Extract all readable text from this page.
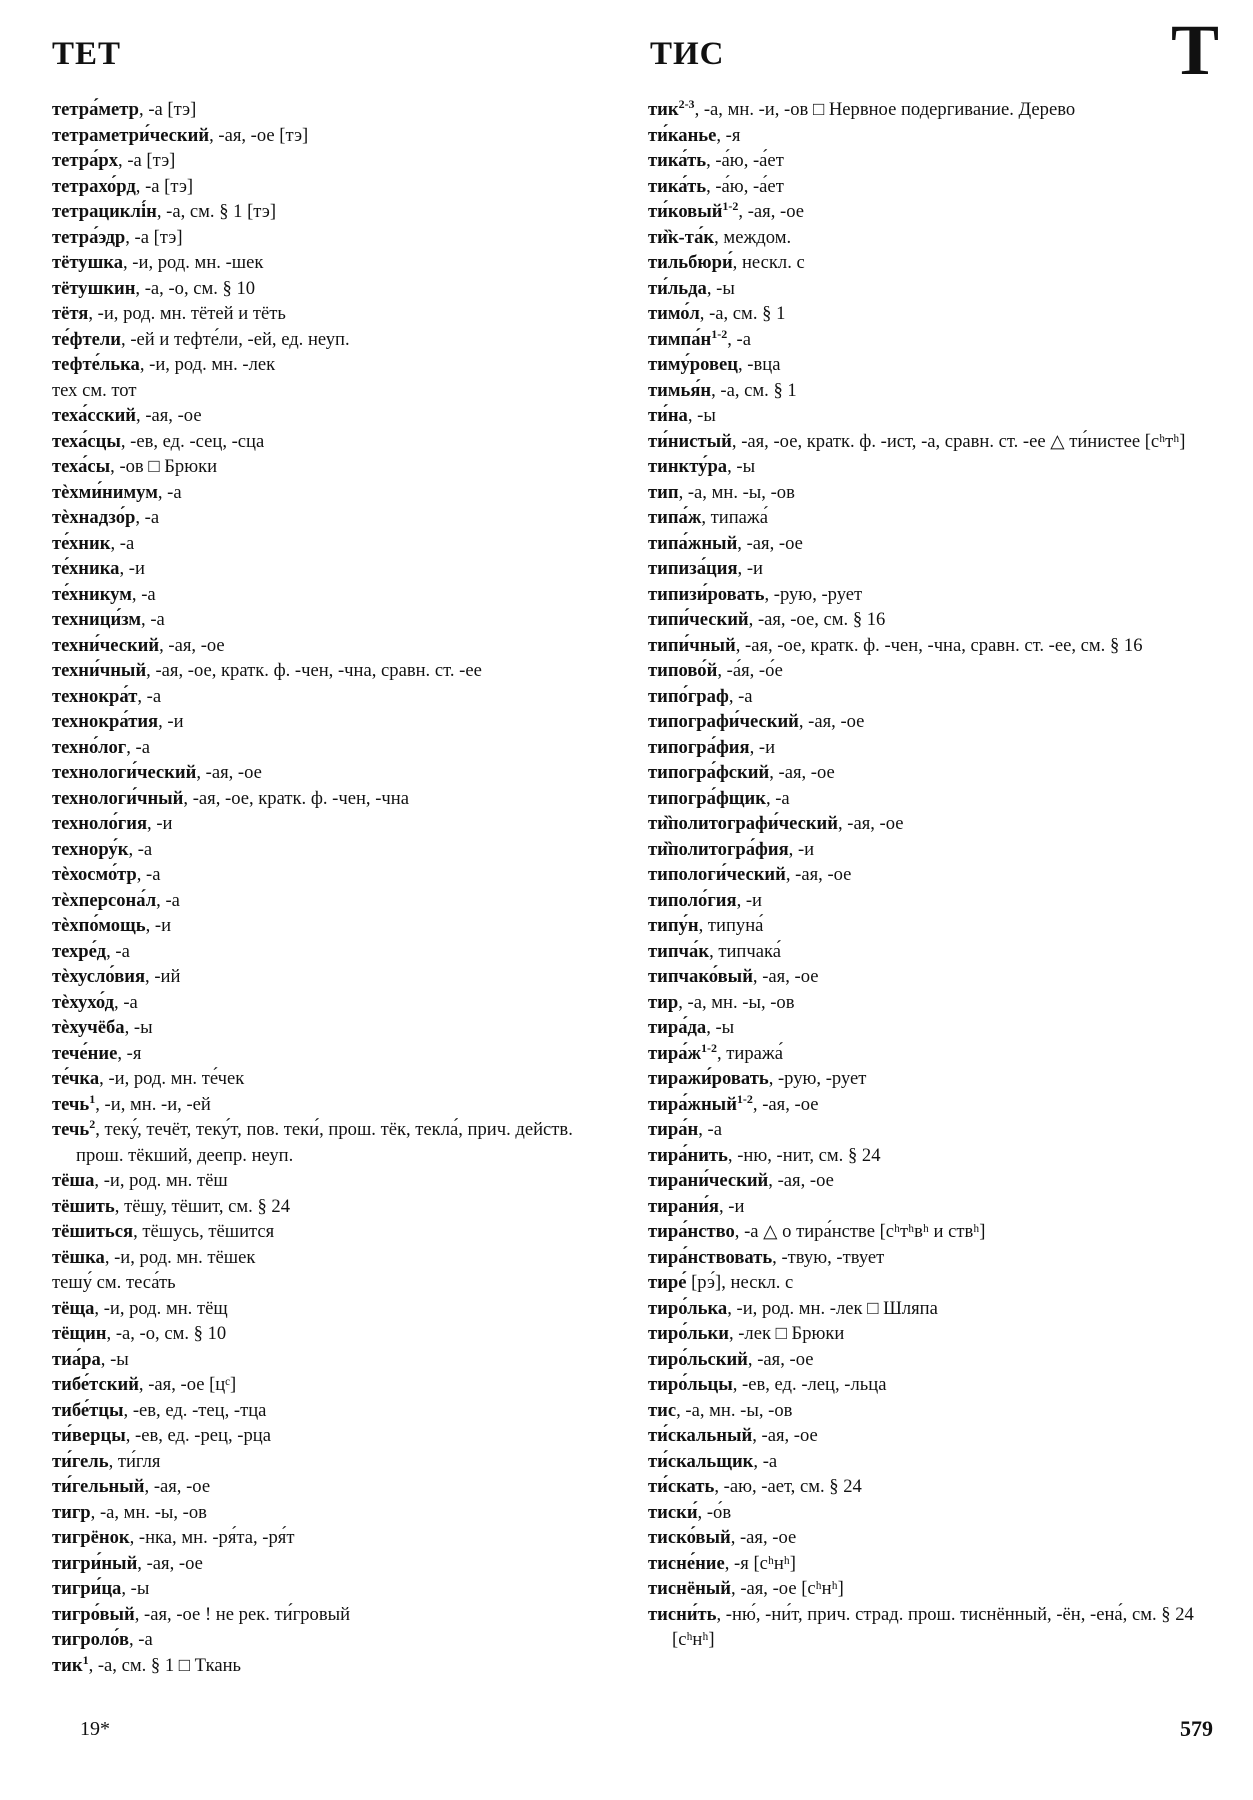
ТЕТ	ТИС	Т
тетра́метр, -а [тэ]
тетраметри́ческий, -ая, -ое [тэ]
тетра́рх, -а [тэ]
тетрахо́рд, -а [тэ]
тетрациклі́н, -а, см. § 1 [тэ]
тетра́эдр, -а [тэ]
тётушка, -и, род. мн. -шек
тётушкин, -а, -о, см. § 10
тётя, -и, род. мн. тётей и тёть
те́фтели, -ей и тефте́ли, -ей, ед. неуп.
тефте́лька, -и, род. мн. -лек
тех см. тот
теха́сский, -ая, -ое
теха́сцы, -ев, ед. -сец, -сца
теха́сы, -ов □ Брюки
тѐхми́нимум, -а
тѐхнадзо́р, -а
те́хник, -а
те́хника, -и
те́хникум, -а
техници́зм, -а
техни́ческий, -ая, -ое
техни́чный, -ая, -ое, кратк. ф. -чен, -чна, сравн. ст. -ее
технокра́т, -а
технокра́тия, -и
техно́лог, -а
технологи́ческий, -ая, -ое
технологи́чный, -ая, -ое, кратк. ф. -чен, -чна
техноло́гия, -и
технору́к, -а
тѐхосмо́тр, -а
тѐхперсона́л, -а
тѐхпо́мощь, -и
техре́д, -а
тѐхусло́вия, -ий
тѐхухо́д, -а
тѐхучёба, -ы
тече́ние, -я
те́чка, -и, род. мн. те́чек
течь$^1$, -и, мн. -и, -ей
течь$^2$, теку́, течёт, теку́т, пов. теки́, прош. тёк, текла́, прич. действ. прош. тёкший, деепр. неуп.
тёша, -и, род. мн. тёш
тёшить, тёшу, тёшит, см. § 24
тёшиться, тёшусь, тёшится
тёшка, -и, род. мн. тёшек
тешу́ см. теса́ть
тёща, -и, род. мн. тёщ
тёщин, -а, -о, см. § 10
тиа́ра, -ы
тибе́тский, -ая, -ое [цᶜ]
тибе́тцы, -ев, ед. -тец, -тца
ти́верцы, -ев, ед. -рец, -рца
ти́гель, ти́гля
ти́гельный, -ая, -ое
тигр, -а, мн. -ы, -ов
тигрёнок, -нка, мн. -ря́та, -ря́т
тигри́ный, -ая, -ое
тигри́ца, -ы
тигро́вый, -ая, -ое ! не рек. ти́гровый
тигроло́в, -а
тик$^1$, -а, см. § 1 □ Ткань
тик$^{2-3}$, -а, мн. -и, -ов □ Нервное подергивание. Дерево
ти́канье, -я
тика́ть, -а́ю, -а́ет
тика́ть, -а́ю, -а́ет
ти́ковый$^{1-2}$, -ая, -ое
ти̏к-та́к, междом.
тильбюри́, нескл. с
ти́льда, -ы
тимо́л, -а, см. § 1
$тимпа́н^{1-2}$, -а
тиму́ровец, -вца
тимья́н, -а, см. § 1
ти́на, -ы
ти́нистый, -ая, -ое, кратк. ф. -ист, -а, сравн. ст. -ее △ ти́нистее [сʰтʰ]
тинкту́ра, -ы
тип, -а, мн. -ы, -ов
типа́ж, типажа́
типа́жный, -ая, -ое
типиза́ция, -и
типизи́ровать, -рую, -рует
типи́ческий, -ая, -ое, см. § 16
типи́чный, -ая, -ое, кратк. ф. -чен, -чна, сравн. ст. -ее, см. § 16
типово́й, -а́я, -о́е
типо́граф, -а
типографи́ческий, -ая, -ое
типогра́фия, -и
типогра́фский, -ая, -ое
типогра́фщик, -а
ти̏политографи́ческий, -ая, -ое
ти̏политогра́фия, -и
типологи́ческий, -ая, -ое
типоло́гия, -и
типу́н, типуна́
типча́к, типчака́
типчако́вый, -ая, -ое
тир, -а, мн. -ы, -ов
тира́да, -ы
$тира́ж^{1-2}$, тиража́
тиражи́ровать, -рую, -рует
тира́жный$^{1-2}$, -ая, -ое
тира́н, -а
тира́нить, -ню, -нит, см. § 24
тирани́ческий, -ая, -ое
тирани́я, -и
тира́нство, -а △ о тира́нстве [сʰтʰвʰ и ствʰ]
тира́нствовать, -твую, -твует
тире́ [рэ́], нескл. с
тиро́лька, -и, род. мн. -лек □ Шляпа
тиро́льки, -лек □ Брюки
тиро́льский, -ая, -ое
тиро́льцы, -ев, ед. -лец, -льца
тис, -а, мн. -ы, -ов
ти́скальный, -ая, -ое
ти́скальщик, -а
ти́скать, -аю, -ает, см. § 24
тиски́, -о́в
тиско́вый, -ая, -ое
тисне́ние, -я [сʰнʰ]
тиснёный, -ая, -ое [сʰнʰ]
тисни́ть, -ню́, -ни́т, прич. страд. прош. тиснённый, -ён, -ена́, см. § 24 [сʰнʰ]
19*	579
